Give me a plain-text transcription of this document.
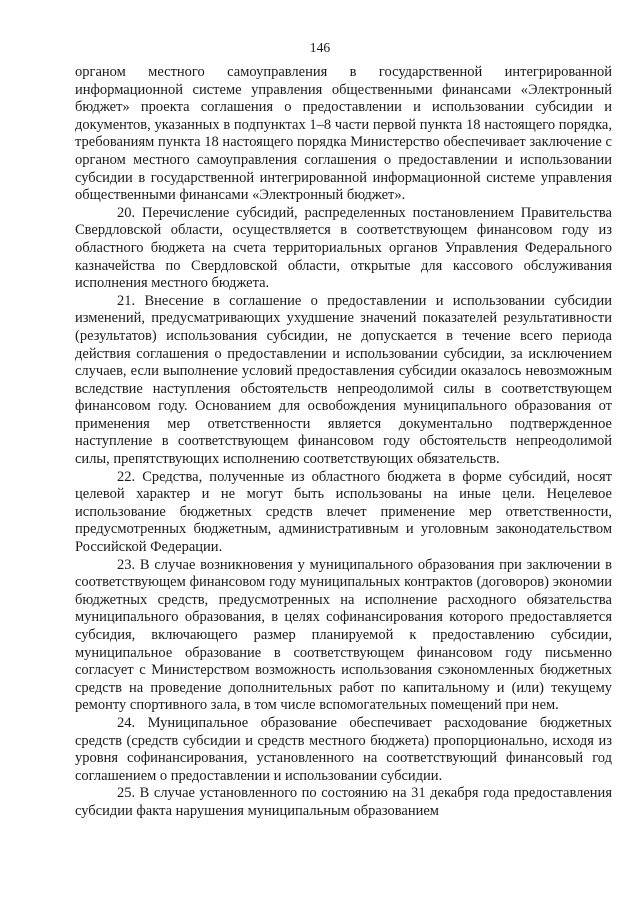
146

органом местного самоуправления в государственной интегрированной информационной системе управления общественными финансами «Электронный бюджет» проекта соглашения о предоставлении и использовании субсидии и документов, указанных в подпунктах 1–8 части первой пункта 18 настоящего порядка, требованиям пункта 18 настоящего порядка Министерство обеспечивает заключение с органом местного самоуправления соглашения о предоставлении и использовании субсидии в государственной интегрированной информационной системе управления общественными финансами «Электронный бюджет».

20. Перечисление субсидий, распределенных постановлением Правительства Свердловской области, осуществляется в соответствующем финансовом году из областного бюджета на счета территориальных органов Управления Федерального казначейства по Свердловской области, открытые для кассового обслуживания исполнения местного бюджета.

21. Внесение в соглашение о предоставлении и использовании субсидии изменений, предусматривающих ухудшение значений показателей результативности (результатов) использования субсидии, не допускается в течение всего периода действия соглашения о предоставлении и использовании субсидии, за исключением случаев, если выполнение условий предоставления субсидии оказалось невозможным вследствие наступления обстоятельств непреодолимой силы в соответствующем финансовом году. Основанием для освобождения муниципального образования от применения мер ответственности является документально подтвержденное наступление в соответствующем финансовом году обстоятельств непреодолимой силы, препятствующих исполнению соответствующих обязательств.

22. Средства, полученные из областного бюджета в форме субсидий, носят целевой характер и не могут быть использованы на иные цели. Нецелевое использование бюджетных средств влечет применение мер ответственности, предусмотренных бюджетным, административным и уголовным законодательством Российской Федерации.

23. В случае возникновения у муниципального образования при заключении в соответствующем финансовом году муниципальных контрактов (договоров) экономии бюджетных средств, предусмотренных на исполнение расходного обязательства муниципального образования, в целях софинансирования которого предоставляется субсидия, включающего размер планируемой к предоставлению субсидии, муниципальное образование в соответствующем финансовом году письменно согласует с Министерством возможность использования сэкономленных бюджетных средств на проведение дополнительных работ по капитальному и (или) текущему ремонту спортивного зала, в том числе вспомогательных помещений при нем.

24. Муниципальное образование обеспечивает расходование бюджетных средств (средств субсидии и средств местного бюджета) пропорционально, исходя из уровня софинансирования, установленного на соответствующий финансовый год соглашением о предоставлении и использовании субсидии.

25. В случае установленного по состоянию на 31 декабря года предоставления субсидии факта нарушения муниципальным образованием
